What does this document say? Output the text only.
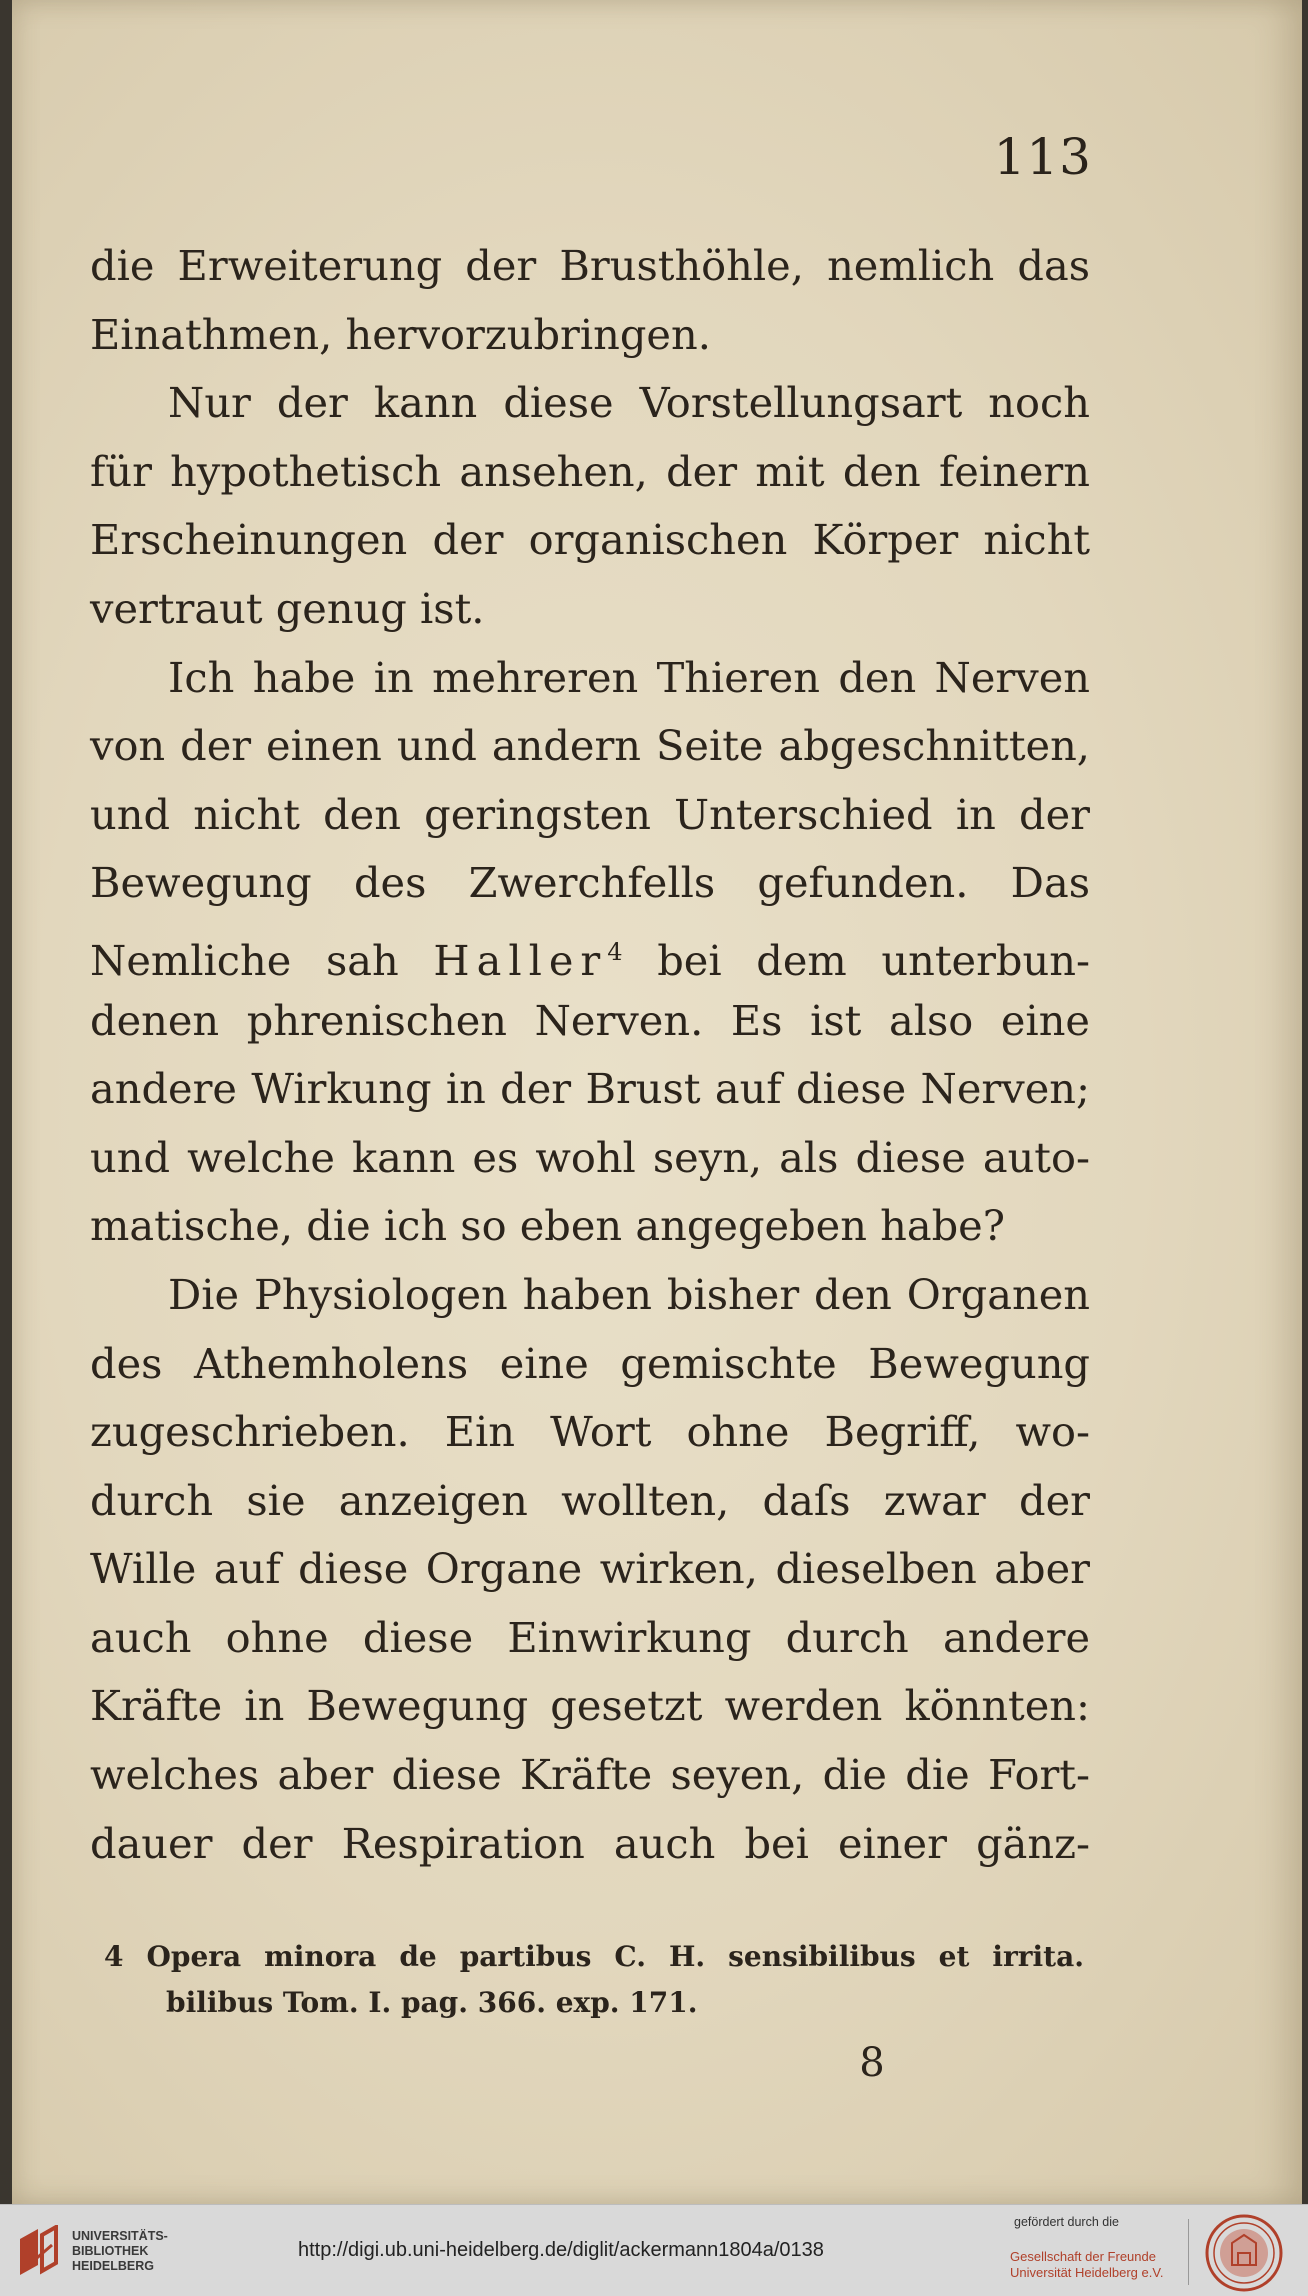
113
die Erweiterung der Brusthöhle, nemlich das
Einathmen, hervorzubringen.
Nur der kann diese Vorstellungsart noch
für hypothetisch ansehen, der mit den feinern
Erscheinungen der organischen Körper nicht
vertraut genug ist.
Ich habe in mehreren Thieren den Nerven
von der einen und andern Seite abgeschnitten,
und nicht den geringsten Unterschied in der
Bewegung des Zwerchfells gefunden. Das
Nemliche sah Haller$^4$ bei dem unterbun-
denen phrenischen Nerven. Es ist also eine
andere Wirkung in der Brust auf diese Nerven;
und welche kann es wohl seyn, als diese auto-
matische, die ich so eben angegeben habe?
Die Physiologen haben bisher den Organen
des Athemholens eine gemischte Bewegung
zugeschrieben. Ein Wort ohne Begriff, wo-
durch sie anzeigen wollten, daſs zwar der
Wille auf diese Organe wirken, dieselben aber
auch ohne diese Einwirkung durch andere
Kräfte in Bewegung gesetzt werden könnten:
welches aber diese Kräfte seyen, die die Fort-
dauer der Respiration auch bei einer gänz-
4 Opera minora de partibus C. H. sensibilibus et irrita.
bilibus Tom. I. pag. 366. exp. 171.
8
UNIVERSITÄTS-
BIBLIOTHEK
HEIDELBERG
http://digi.ub.uni-heidelberg.de/diglit/ackermann1804a/0138
gefördert durch die
Gesellschaft der Freunde
Universität Heidelberg e.V.
